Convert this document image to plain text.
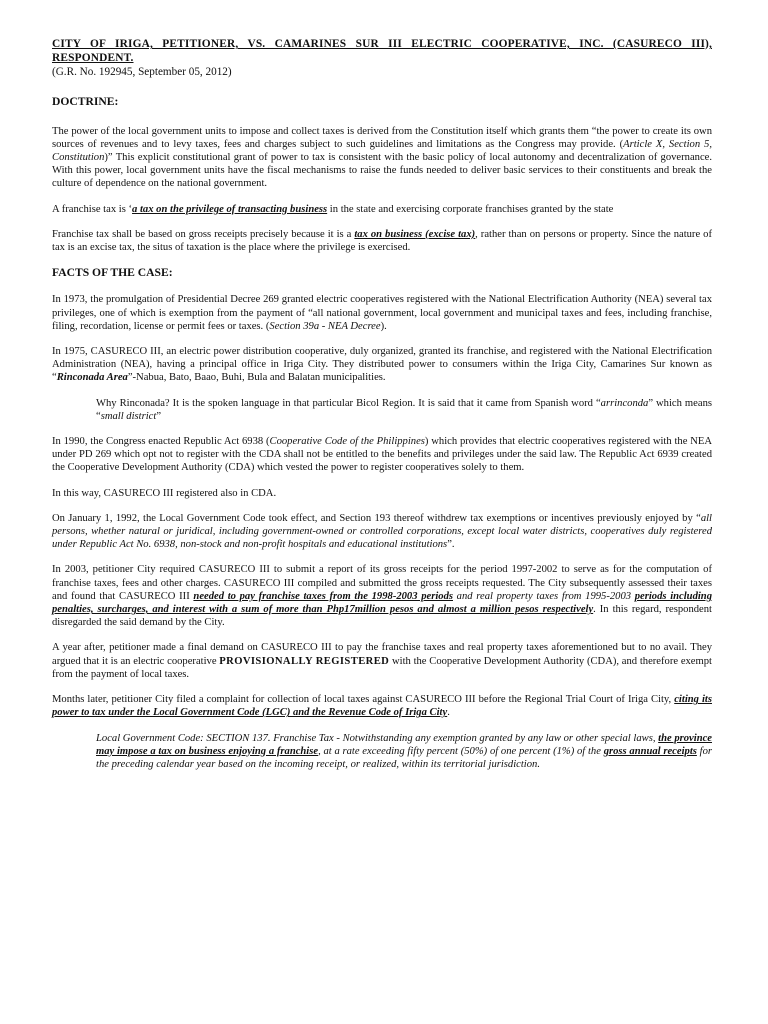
CITY OF IRIGA, PETITIONER, VS. CAMARINES SUR III ELECTRIC COOPERATIVE, INC. (CASURECO III), RESPONDENT.

(G.R. No. 192945, September 05, 2012)

DOCTRINE:

The power of the local government units to impose and collect taxes is derived from the Constitution itself which grants them “the power to create its own sources of revenues and to levy taxes, fees and charges subject to such guidelines and limitations as the Congress may provide. (Article X, Section 5, Constitution)” This explicit constitutional grant of power to tax is consistent with the basic policy of local autonomy and decentralization of governance. With this power, local government units have the fiscal mechanisms to raise the funds needed to deliver basic services to their constituents and break the culture of dependence on the national government.

A franchise tax is ‘a tax on the privilege of transacting business in the state and exercising corporate franchises granted by the state

Franchise tax shall be based on gross receipts precisely because it is a tax on business (excise tax), rather than on persons or property. Since the nature of tax is an excise tax, the situs of taxation is the place where the privilege is exercised.

FACTS OF THE CASE:

In 1973, the promulgation of Presidential Decree 269 granted electric cooperatives registered with the National Electrification Authority (NEA) several tax privileges, one of which is exemption from the payment of “all national government, local government and municipal taxes and fees, including franchise, filing, recordation, license or permit fees or taxes. (Section 39a - NEA Decree).

In 1975, CASURECO III, an electric power distribution cooperative, duly organized, granted its franchise, and registered with the National Electrification Administration (NEA), having a principal office in Iriga City. They distributed power to consumers within the Iriga City, Camarines Sur known as “Rinconada Area”-Nabua, Bato, Baao, Buhi, Bula and Balatan municipalities.

Why Rinconada? It is the spoken language in that particular Bicol Region. It is said that it came from Spanish word “arrinconda” which means “small district”

In 1990, the Congress enacted Republic Act 6938 (Cooperative Code of the Philippines) which provides that electric cooperatives registered with the NEA under PD 269 which opt not to register with the CDA shall not be entitled to the benefits and privileges under the said law. The Republic Act 6939 created the Cooperative Development Authority (CDA) which vested the power to register cooperatives solely to them.

In this way, CASURECO III registered also in CDA.

On January 1, 1992, the Local Government Code took effect, and Section 193 thereof withdrew tax exemptions or incentives previously enjoyed by “all persons, whether natural or juridical, including government-owned or controlled corporations, except local water districts, cooperatives duly registered under Republic Act No. 6938, non-stock and non-profit hospitals and educational institutions”.

In 2003, petitioner City required CASURECO III to submit a report of its gross receipts for the period 1997-2002 to serve as for the computation of franchise taxes, fees and other charges. CASURECO III compiled and submitted the gross receipts requested. The City subsequently assessed their taxes and found that CASURECO III needed to pay franchise taxes from the 1998-2003 periods and real property taxes from 1995-2003 periods including penalties, surcharges, and interest with a sum of more than Php17million pesos and almost a million pesos respectively. In this regard, respondent disregarded the said demand by the City.

A year after, petitioner made a final demand on CASURECO III to pay the franchise taxes and real property taxes aforementioned but to no avail. They argued that it is an electric cooperative PROVISIONALLY REGISTERED with the Cooperative Development Authority (CDA), and therefore exempt from the payment of local taxes.

Months later, petitioner City filed a complaint for collection of local taxes against CASURECO III before the Regional Trial Court of Iriga City, citing its power to tax under the Local Government Code (LGC) and the Revenue Code of Iriga City.

Local Government Code: SECTION 137. Franchise Tax - Notwithstanding any exemption granted by any law or other special laws, the province may impose a tax on business enjoying a franchise, at a rate exceeding fifty percent (50%) of one percent (1%) of the gross annual receipts for the preceding calendar year based on the incoming receipt, or realized, within its territorial jurisdiction.
